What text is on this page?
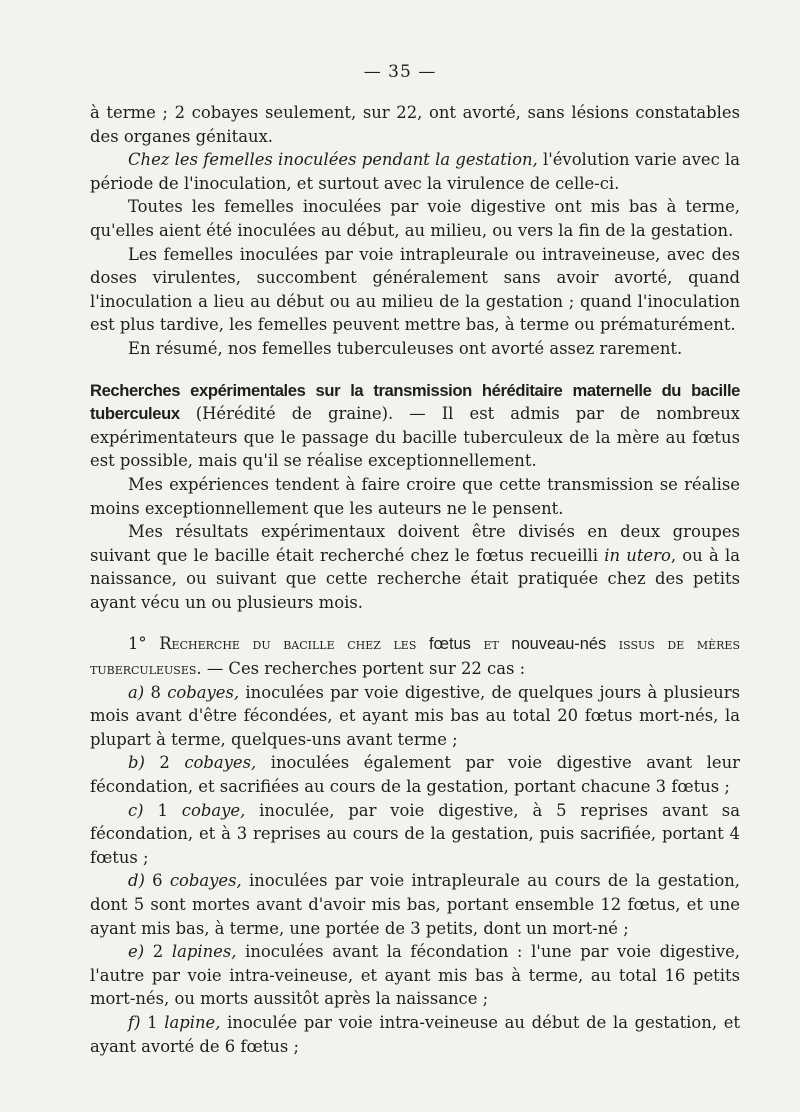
— 35 —

à terme ; 2 cobayes seulement, sur 22, ont avorté, sans lésions constatables des organes génitaux.

Chez les femelles inoculées pendant la gestation, l'évolution varie avec la période de l'inoculation, et surtout avec la virulence de celle-ci.

Toutes les femelles inoculées par voie digestive ont mis bas à terme, qu'elles aient été inoculées au début, au milieu, ou vers la fin de la gestation.

Les femelles inoculées par voie intrapleurale ou intraveineuse, avec des doses virulentes, succombent généralement sans avoir avorté, quand l'inoculation a lieu au début ou au milieu de la gestation ; quand l'inoculation est plus tardive, les femelles peuvent mettre bas, à terme ou prématurément.

En résumé, nos femelles tuberculeuses ont avorté assez rarement.

Recherches expérimentales sur la transmission héréditaire maternelle du bacille tuberculeux (Hérédité de graine). — Il est admis par de nombreux expérimentateurs que le passage du bacille tuberculeux de la mère au fœtus est possible, mais qu'il se réalise exceptionnellement.

Mes expériences tendent à faire croire que cette transmission se réalise moins exceptionnellement que les auteurs ne le pensent.

Mes résultats expérimentaux doivent être divisés en deux groupes suivant que le bacille était recherché chez le fœtus recueilli in utero, ou à la naissance, ou suivant que cette recherche était pratiquée chez des petits ayant vécu un ou plusieurs mois.

1° Recherche du bacille chez les fœtus et nouveau-nés issus de mères tuberculeuses. — Ces recherches portent sur 22 cas :

a) 8 cobayes, inoculées par voie digestive, de quelques jours à plusieurs mois avant d'être fécondées, et ayant mis bas au total 20 fœtus mort-nés, la plupart à terme, quelques-uns avant terme ;

b) 2 cobayes, inoculées également par voie digestive avant leur fécondation, et sacrifiées au cours de la gestation, portant chacune 3 fœtus ;

c) 1 cobaye, inoculée, par voie digestive, à 5 reprises avant sa fécondation, et à 3 reprises au cours de la gestation, puis sacrifiée, portant 4 fœtus ;

d) 6 cobayes, inoculées par voie intrapleurale au cours de la gestation, dont 5 sont mortes avant d'avoir mis bas, portant ensemble 12 fœtus, et une ayant mis bas, à terme, une portée de 3 petits, dont un mort-né ;

e) 2 lapines, inoculées avant la fécondation : l'une par voie digestive, l'autre par voie intra-veineuse, et ayant mis bas à terme, au total 16 petits mort-nés, ou morts aussitôt après la naissance ;

f) 1 lapine, inoculée par voie intra-veineuse au début de la gestation, et ayant avorté de 6 fœtus ;
